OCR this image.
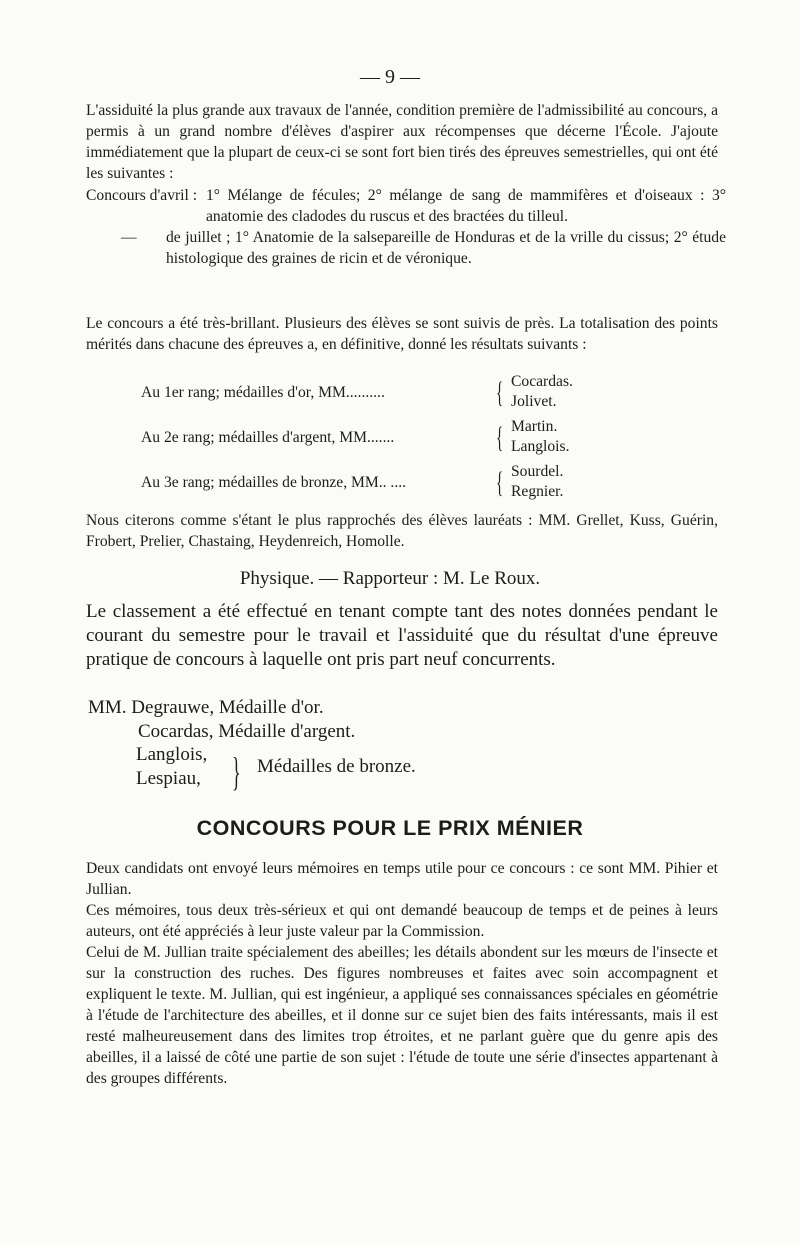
— 9 —

L'assiduité la plus grande aux travaux de l'année, condition première de l'admissibilité au concours, a permis à un grand nombre d'élèves d'aspirer aux récompenses que décerne l'École. J'ajoute immédiatement que la plupart de ceux-ci se sont fort bien tirés des épreuves semestrielles, qui ont été les suivantes :

Concours d'avril : 1° Mélange de fécules; 2° mélange de sang de mammifères et d'oiseaux : 3° anatomie des cladodes du ruscus et des bractées du tilleul.
—	de juillet ; 1° Anatomie de la salsepareille de Honduras et de la vrille du cissus; 2° étude histologique des graines de ricin et de véronique.

Le concours a été très-brillant. Plusieurs des élèves se sont suivis de près. La totalisation des points mérités dans chacune des épreuves a, en définitive, donné les résultats suivants :

Au 1er rang; médailles d'or, MM..........	{ Cocardas.
Jolivet.
Au 2e rang; médailles d'argent, MM.......	{ Martin.
Langlois.
Au 3e rang; médailles de bronze, MM.. ....	{ Sourdel.
Regnier.

Nous citerons comme s'étant le plus rapprochés des élèves lauréats : MM. Grellet, Kuss, Guérin, Frobert, Prelier, Chastaing, Heydenreich, Homolle.

Physique. — Rapporteur : M. Le Roux.
Le classement a été effectué en tenant compte tant des notes données pendant le courant du semestre pour le travail et l'assiduité que du résultat d'une épreuve pratique de concours à laquelle ont pris part neuf concurrents.
MM. Degrauwe, Médaille d'or.
Cocardas, Médaille d'argent.
Langlois,
Lespiau, } Médailles de bronze.
CONCOURS POUR LE PRIX MÉNIER

Deux candidats ont envoyé leurs mémoires en temps utile pour ce concours : ce sont MM. Pihier et Jullian.

Ces mémoires, tous deux très-sérieux et qui ont demandé beaucoup de temps et de peines à leurs auteurs, ont été appréciés à leur juste valeur par la Commission.

Celui de M. Jullian traite spécialement des abeilles; les détails abondent sur les mœurs de l'insecte et sur la construction des ruches. Des figures nombreuses et faites avec soin accompagnent et expliquent le texte. M. Jullian, qui est ingénieur, a appliqué ses connaissances spéciales en géométrie à l'étude de l'architecture des abeilles, et il donne sur ce sujet bien des faits intéressants, mais il est resté malheureusement dans des limites trop étroites, et ne parlant guère que du genre apis des abeilles, il a laissé de côté une partie de son sujet : l'étude de toute une série d'insectes appartenant à des groupes différents.
